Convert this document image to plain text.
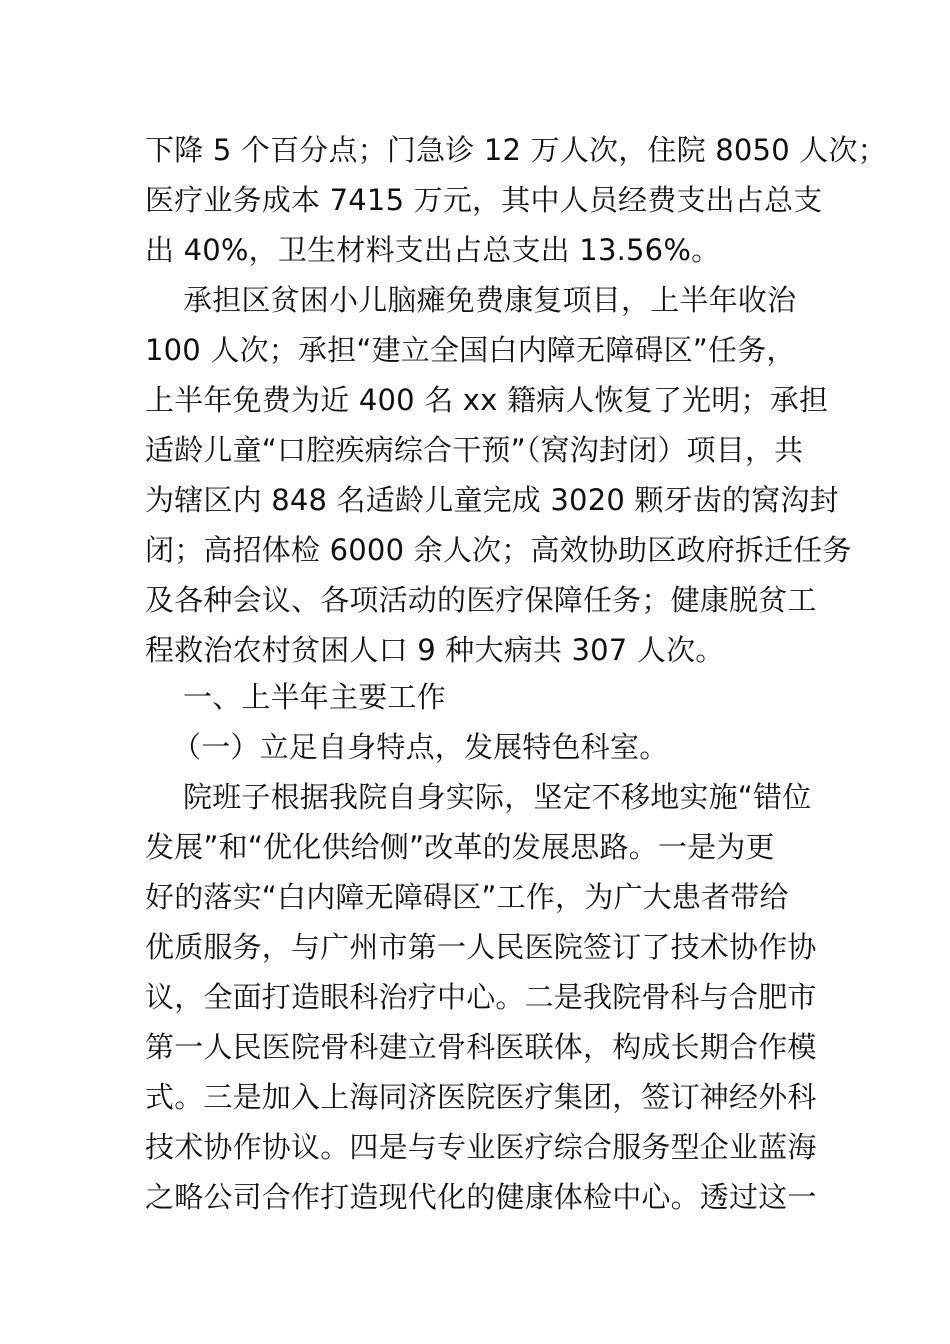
下降 5 个百分点；门急诊 12 万人次，住院 8050 人次；
医疗业务成本 7415 万元，其中人员经费支出占总支
出 40%，卫生材料支出占总支出 13.56%。
承担区贫困小儿脑瘫免费康复项目，上半年收治
100 人次；承担“建立全国白内障无障碍区”任务，
上半年免费为近 400 名 xx 籍病人恢复了光明；承担
适龄儿童“口腔疾病综合干预”（窝沟封闭）项目，共
为辖区内 848 名适龄儿童完成 3020 颗牙齿的窝沟封
闭；高招体检 6000 余人次；高效协助区政府拆迁任务
及各种会议、各项活动的医疗保障任务；健康脱贫工
程救治农村贫困人口 9 种大病共 307 人次。
一、上半年主要工作
（一）立足自身特点，发展特色科室。
院班子根据我院自身实际，坚定不移地实施“错位
发展”和“优化供给侧”改革的发展思路。一是为更
好的落实“白内障无障碍区”工作，为广大患者带给
优质服务，与广州市第一人民医院签订了技术协作协
议，全面打造眼科治疗中心。二是我院骨科与合肥市
第一人民医院骨科建立骨科医联体，构成长期合作模
式。三是加入上海同济医院医疗集团，签订神经外科
技术协作协议。四是与专业医疗综合服务型企业蓝海
之略公司合作打造现代化的健康体检中心。透过这一
